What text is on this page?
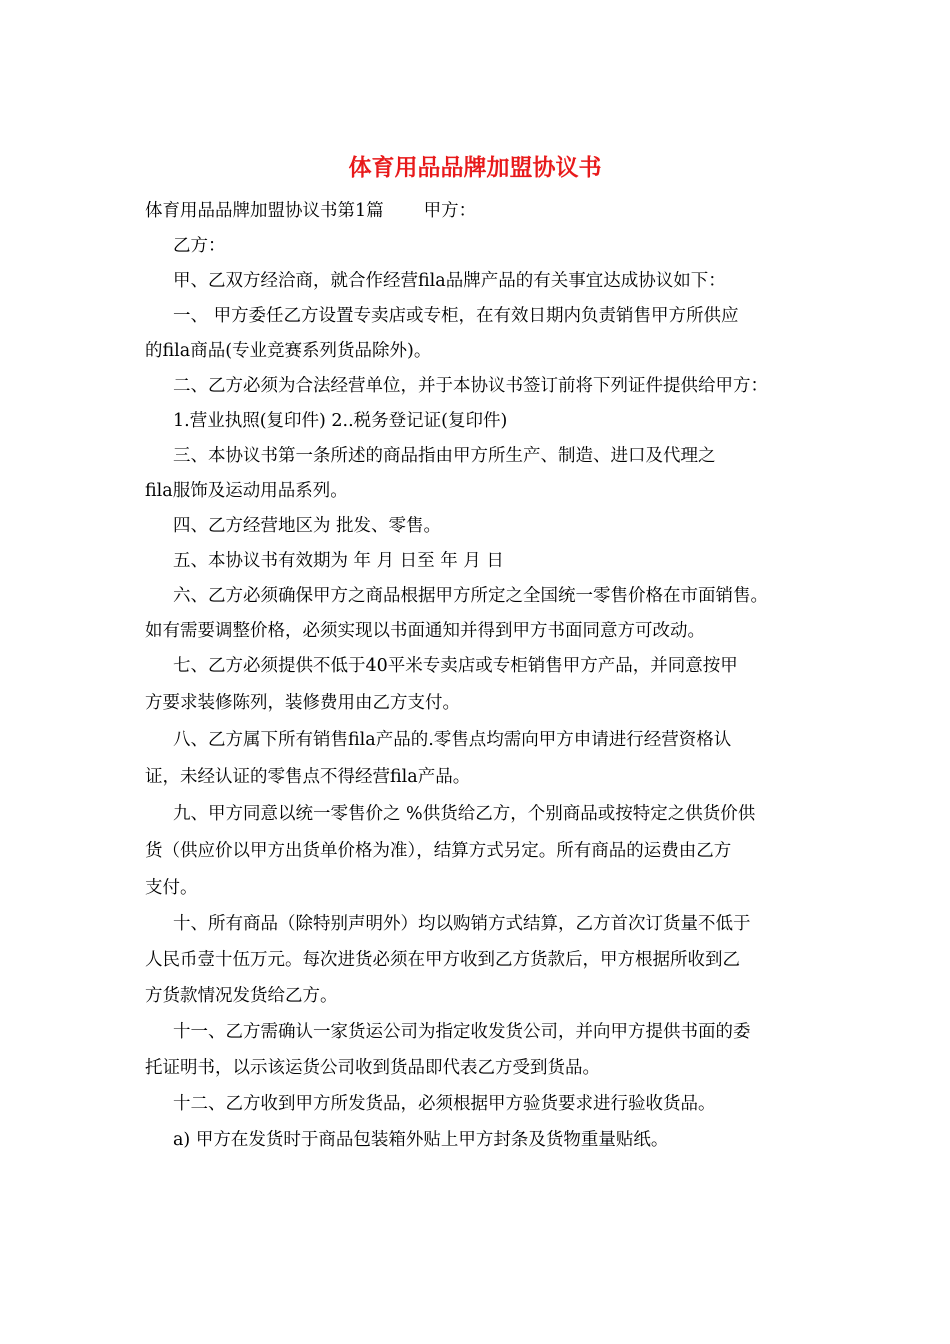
体育用品品牌加盟协议书

体育用品品牌加盟协议书第1篇 甲方：

乙方：

甲、乙双方经洽商，就合作经营fila品牌产品的有关事宜达成协议如下：

一、 甲方委任乙方设置专卖店或专柜，在有效日期内负责销售甲方所供应

的fila商品(专业竞赛系列货品除外)。

二、乙方必须为合法经营单位，并于本协议书签订前将下列证件提供给甲方：

1.营业执照(复印件) 2..税务登记证(复印件)

三、本协议书第一条所述的商品指由甲方所生产、制造、进口及代理之

fila服饰及运动用品系列。

四、乙方经营地区为 批发、零售。

五、本协议书有效期为 年 月 日至 年 月 日

六、乙方必须确保甲方之商品根据甲方所定之全国统一零售价格在市面销售。

如有需要调整价格，必须实现以书面通知并得到甲方书面同意方可改动。

七、乙方必须提供不低于40平米专卖店或专柜销售甲方产品，并同意按甲

方要求装修陈列，装修费用由乙方支付。

八、乙方属下所有销售fila产品的.零售点均需向甲方申请进行经营资格认

证，未经认证的零售点不得经营fila产品。

九、甲方同意以统一零售价之 %供货给乙方，个别商品或按特定之供货价供

货（供应价以甲方出货单价格为准），结算方式另定。所有商品的运费由乙方

支付。

十、所有商品（除特别声明外）均以购销方式结算，乙方首次订货量不低于

人民币壹十伍万元。每次进货必须在甲方收到乙方货款后，甲方根据所收到乙

方货款情况发货给乙方。

十一、乙方需确认一家货运公司为指定收发货公司，并向甲方提供书面的委

托证明书，以示该运货公司收到货品即代表乙方受到货品。

十二、乙方收到甲方所发货品，必须根据甲方验货要求进行验收货品。

a) 甲方在发货时于商品包装箱外贴上甲方封条及货物重量贴纸。
